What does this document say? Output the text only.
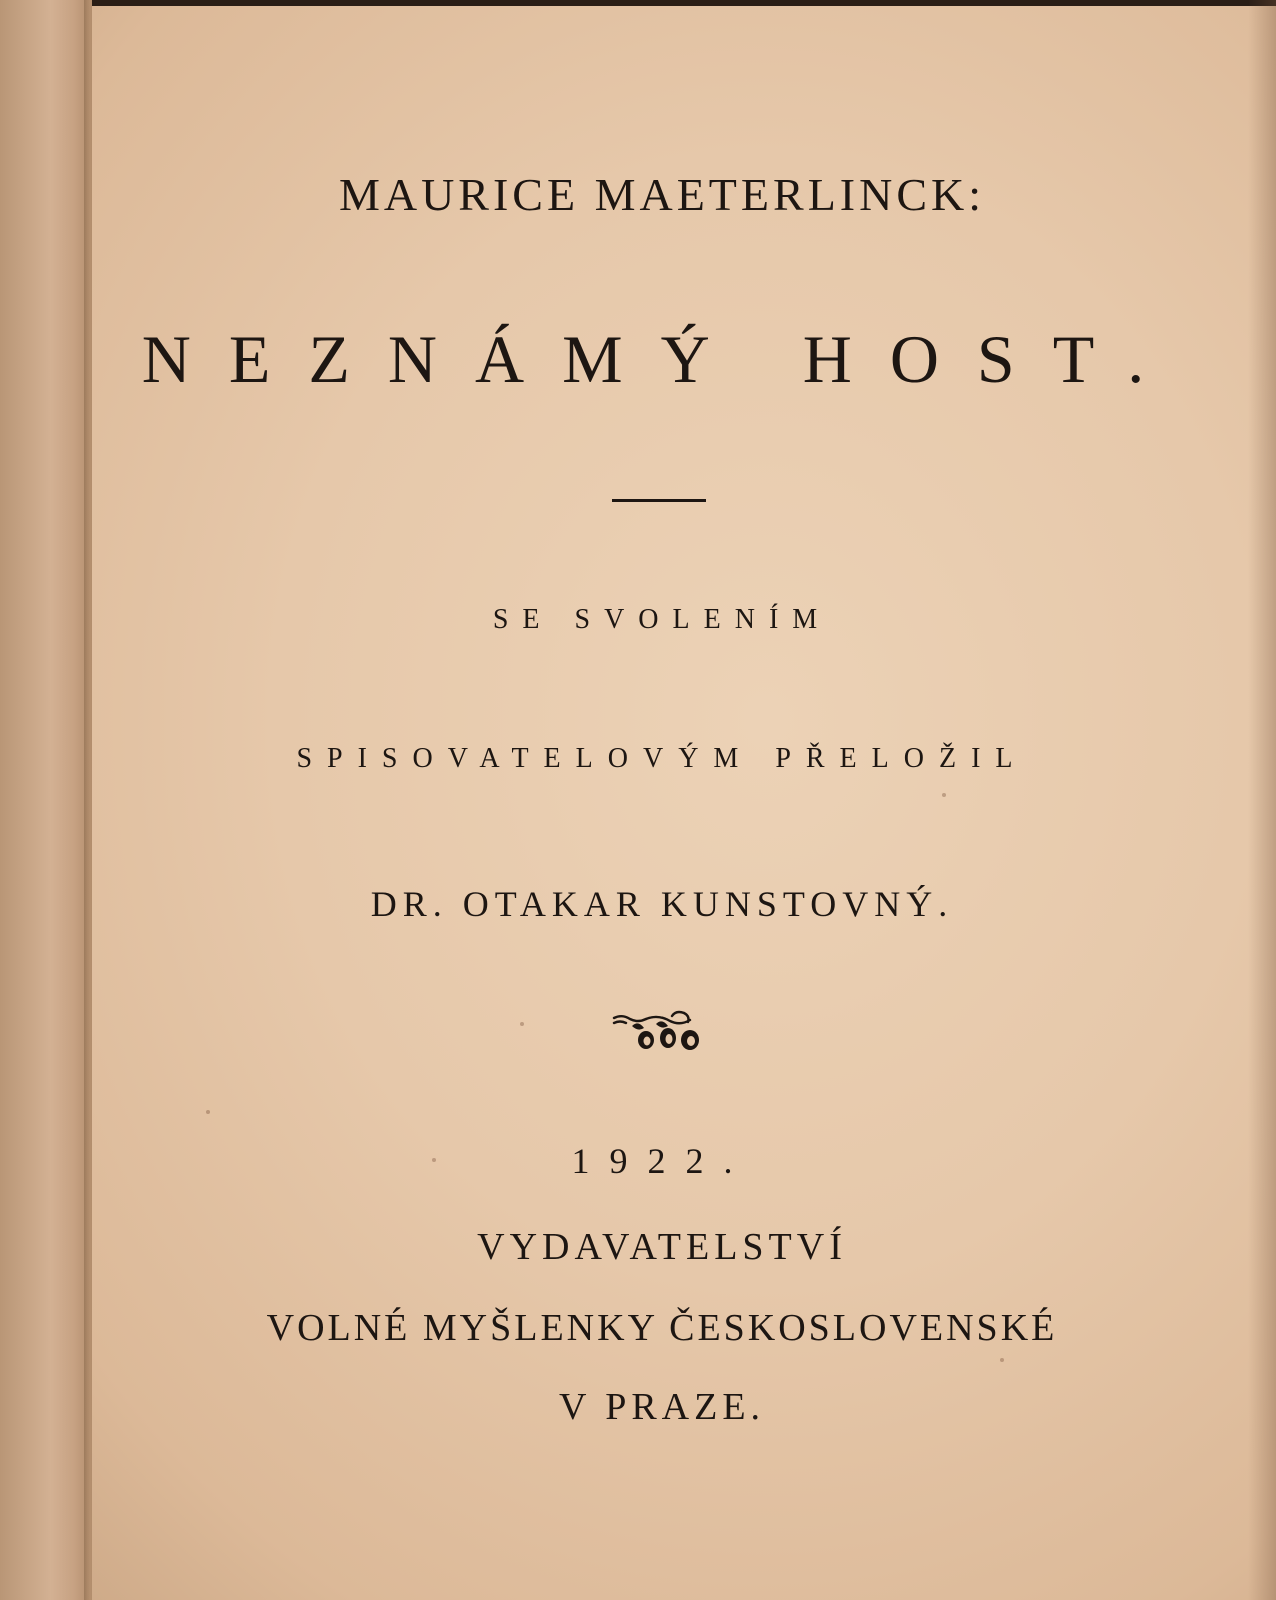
MAURICE MAETERLINCK:
NEZNÁMÝ HOST.
SE SVOLENÍM
SPISOVATELOVÝM PŘELOŽIL
DR. OTAKAR KUNSTOVNÝ.
1922.
VYDAVATELSTVÍ
VOLNÉ MYŠLENKY ČESKOSLOVENSKÉ
V PRAZE.
